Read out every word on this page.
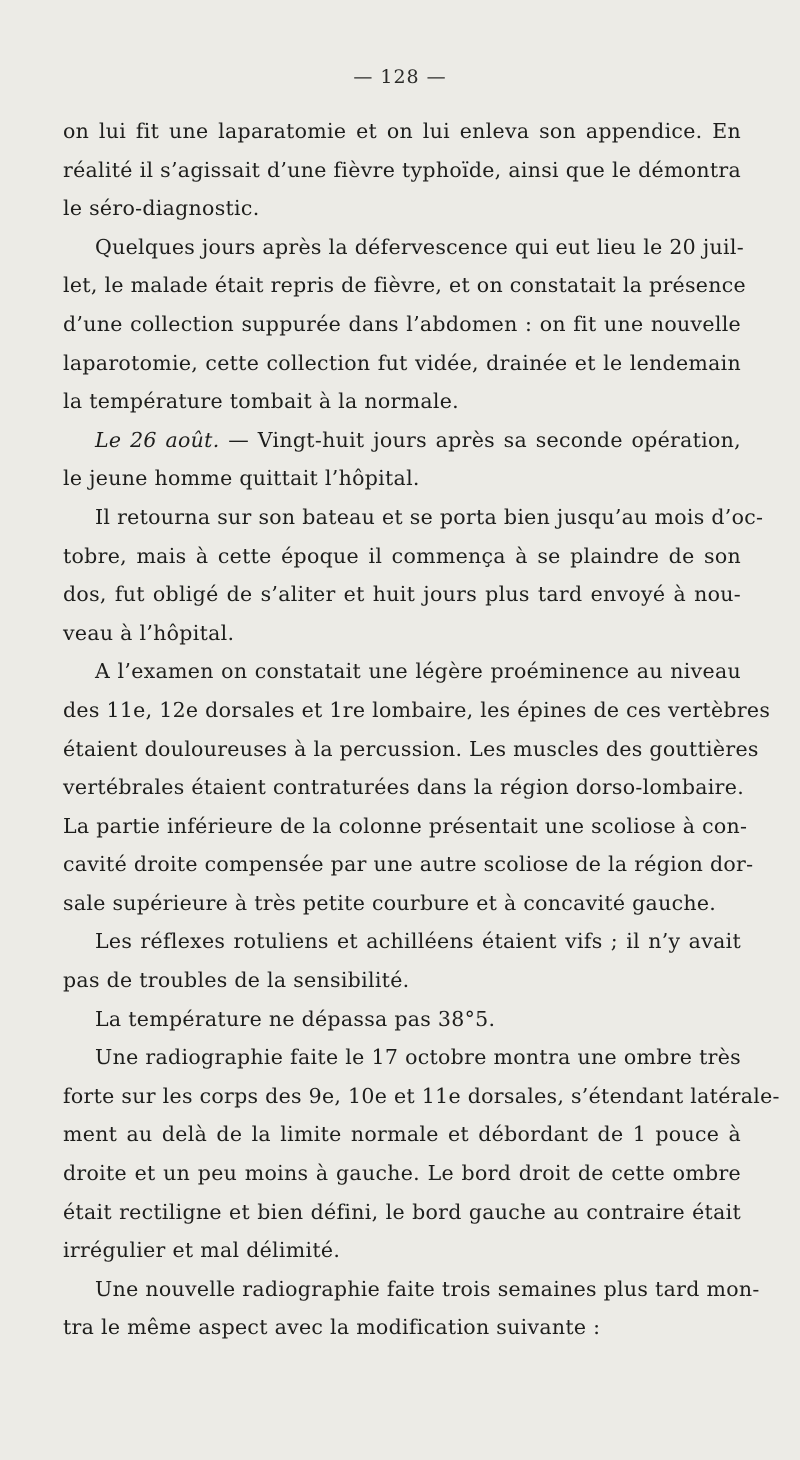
— 128 —
on lui fit une laparatomie et on lui enleva son appendice. En
réalité il s’agissait d’une fièvre typhoïde, ainsi que le démontra
le séro-diagnostic.
Quelques jours après la défervescence qui eut lieu le 20 juil-
let, le malade était repris de fièvre, et on constatait la présence
d’une collection suppurée dans l’abdomen : on fit une nouvelle
laparotomie, cette collection fut vidée, drainée et le lendemain
la température tombait à la normale.
Le 26 août. — Vingt-huit jours après sa seconde opération,
le jeune homme quittait l’hôpital.
Il retourna sur son bateau et se porta bien jusqu’au mois d’oc-
tobre, mais à cette époque il commença à se plaindre de son
dos, fut obligé de s’aliter et huit jours plus tard envoyé à nou-
veau à l’hôpital.
A l’examen on constatait une légère proéminence au niveau
des 11e, 12e dorsales et 1re lombaire, les épines de ces vertèbres
étaient douloureuses à la percussion. Les muscles des gouttières
vertébrales étaient contraturées dans la région dorso-lombaire.
La partie inférieure de la colonne présentait une scoliose à con-
cavité droite compensée par une autre scoliose de la région dor-
sale supérieure à très petite courbure et à concavité gauche.
Les réflexes rotuliens et achilléens étaient vifs ; il n’y avait
pas de troubles de la sensibilité.
La température ne dépassa pas 38°5.
Une radiographie faite le 17 octobre montra une ombre très
forte sur les corps des 9e, 10e et 11e dorsales, s’étendant latérale-
ment au delà de la limite normale et débordant de 1 pouce à
droite et un peu moins à gauche. Le bord droit de cette ombre
était rectiligne et bien défini, le bord gauche au contraire était
irrégulier et mal délimité.
Une nouvelle radiographie faite trois semaines plus tard mon-
tra le même aspect avec la modification suivante :
